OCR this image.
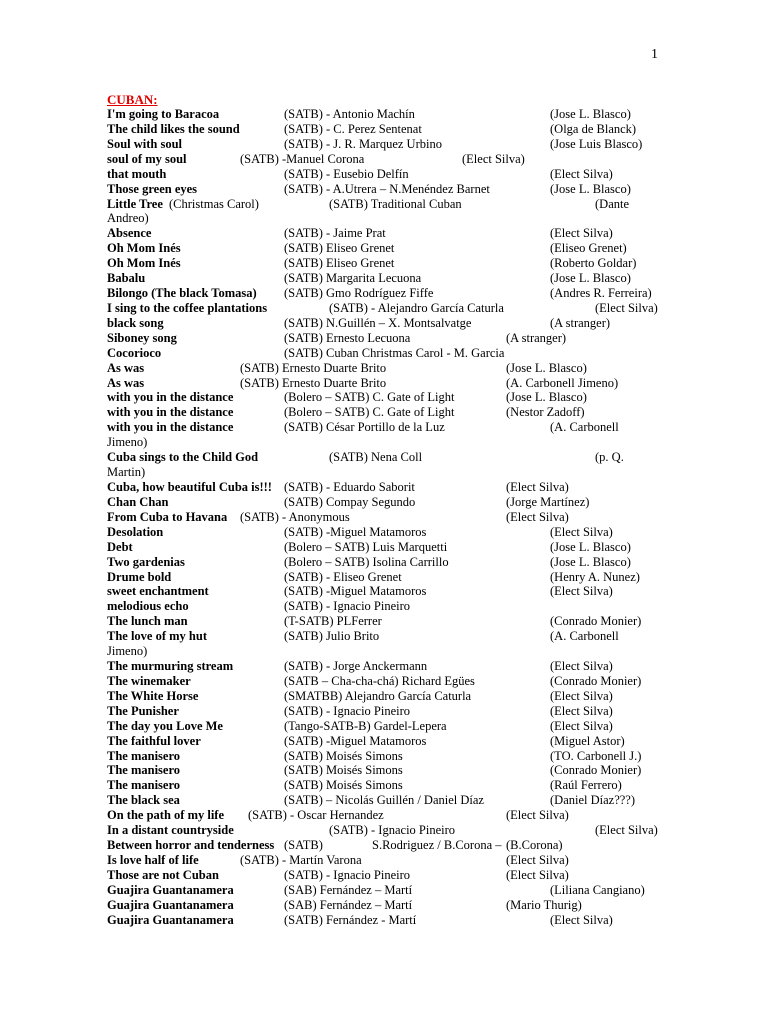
1
CUBAN:
I'm going to Baracoa	(SATB) - Antonio Machín	(Jose L. Blasco)
The child likes the sound	(SATB) - C. Perez Sentenat	(Olga de Blanck)
Soul with soul	(SATB) - J. R. Marquez Urbino	(Jose Luis Blasco)
soul of my soul	(SATB) -Manuel Corona	(Elect Silva)
that mouth	(SATB) - Eusebio Delfín	(Elect Silva)
Those green eyes	(SATB) - A.Utrera – N.Menéndez Barnet	(Jose L. Blasco)
Little Tree (Christmas Carol)	(SATB) Traditional Cuban	(Dante
Andreo)
Absence	(SATB) - Jaime Prat	(Elect Silva)
Oh Mom Inés	(SATB) Eliseo Grenet	(Eliseo Grenet)
Oh Mom Inés	(SATB) Eliseo Grenet	(Roberto Goldar)
Babalu	(SATB) Margarita Lecuona	(Jose L. Blasco)
Bilongo (The black Tomasa) (SATB) Gmo Rodríguez Fiffe	(Andres R. Ferreira)
I sing to the coffee plantations	(SATB) - Alejandro García Caturla	(Elect Silva)
black song	(SATB) N.Guillén – X. Montsalvatge	(A stranger)
Siboney song	(SATB) Ernesto Lecuona	(A stranger)
Cocorioco	(SATB) Cuban Christmas Carol - M. Garcia
As was	(SATB) Ernesto Duarte Brito	(Jose L. Blasco)
As was	(SATB) Ernesto Duarte Brito	(A. Carbonell Jimeno)
with you in the distance	(Bolero – SATB) C. Gate of Light	(Jose L. Blasco)
with you in the distance	(Bolero – SATB) C. Gate of Light	(Nestor Zadoff)
with you in the distance	(SATB) César Portillo de la Luz	(A. Carbonell
Jimeno)
Cuba sings to the Child God	(SATB) Nena Coll	(p. Q.
Martin)
Cuba, how beautiful Cuba is!!! (SATB) - Eduardo Saborit	(Elect Silva)
Chan Chan	(SATB) Compay Segundo	(Jorge Martínez)
From Cuba to Havana (SATB) - Anonymous	(Elect Silva)
Desolation	(SATB) -Miguel Matamoros	(Elect Silva)
Debt	(Bolero – SATB) Luis Marquetti	(Jose L. Blasco)
Two gardenias	(Bolero – SATB) Isolina Carrillo	(Jose L. Blasco)
Drume bold	(SATB) - Eliseo Grenet	(Henry A. Nunez)
sweet enchantment	(SATB) -Miguel Matamoros	(Elect Silva)
melodious echo	(SATB) - Ignacio Pineiro
The lunch man	(T-SATB) PLFerrer	(Conrado Monier)
The love of my hut	(SATB) Julio Brito	(A. Carbonell
Jimeno)
The murmuring stream	(SATB) - Jorge Anckermann	(Elect Silva)
The winemaker	(SATB – Cha-cha-chá) Richard Egües	(Conrado Monier)
The White Horse	(SMATBB) Alejandro García Caturla	(Elect Silva)
The Punisher	(SATB) - Ignacio Pineiro	(Elect Silva)
The day you Love Me	(Tango-SATB-B) Gardel-Lepera	(Elect Silva)
The faithful lover	(SATB) -Miguel Matamoros	(Miguel Astor)
The manisero	(SATB) Moisés Simons	(TO. Carbonell J.)
The manisero	(SATB) Moisés Simons	(Conrado Monier)
The manisero	(SATB) Moisés Simons	(Raúl Ferrero)
The black sea	(SATB) – Nicolás Guillén / Daniel Díaz	(Daniel Díaz???)
On the path of my life (SATB) - Oscar Hernandez	(Elect Silva)
In a distant countryside	(SATB) - Ignacio Pineiro	(Elect Silva)
Between horror and tenderness (SATB)	S.Rodriguez / B.Corona – (B.Corona)
Is love half of life	(SATB) - Martín Varona	(Elect Silva)
Those are not Cuban	(SATB) - Ignacio Pineiro	(Elect Silva)
Guajira Guantanamera	(SAB) Fernández – Martí	(Liliana Cangiano)
Guajira Guantanamera	(SAB) Fernández – Martí	(Mario Thurig)
Guajira Guantanamera	(SATB) Fernández - Martí	(Elect Silva)
